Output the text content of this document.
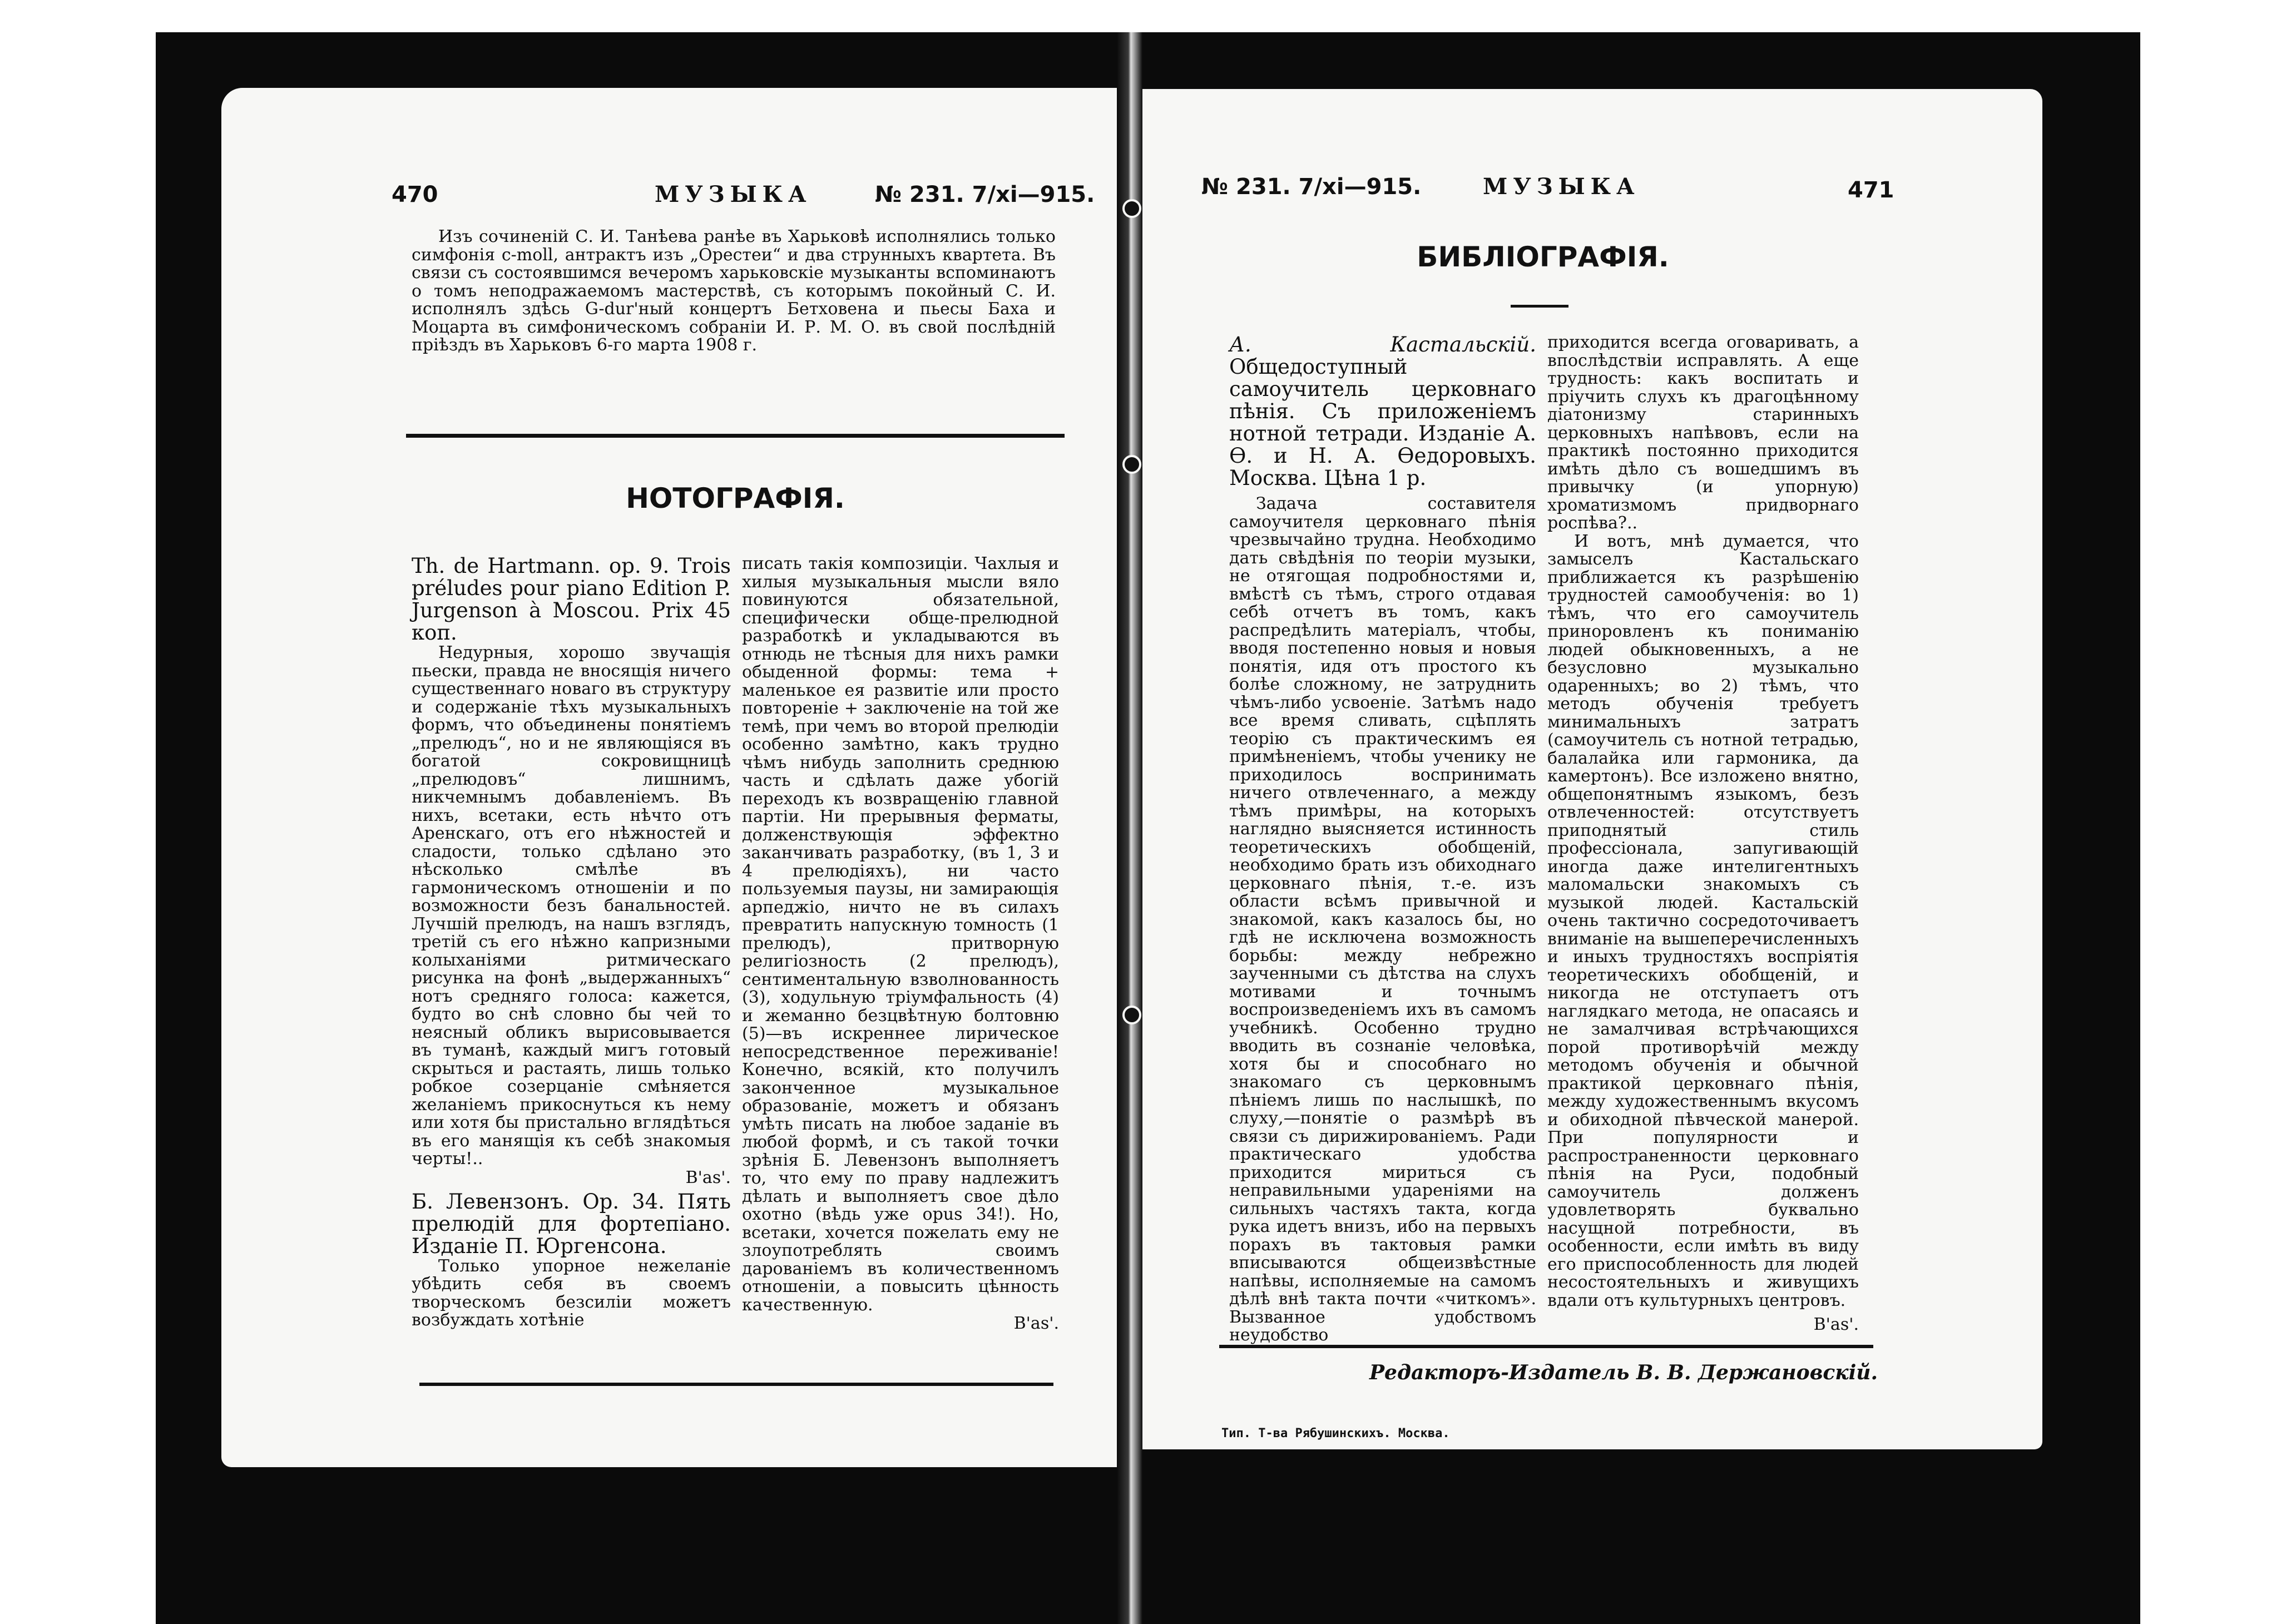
470	МУЗЫКА	№ 231. 7/xi—915.

Изъ сочиненій С. И. Танѣева ранѣе въ Харьковѣ исполнялись только симфонія c-moll, антрактъ изъ „Орестеи“ и два струнныхъ квартета. Въ связи съ состоявшимся вечеромъ харьковскіе музыканты вспоминаютъ о томъ неподражаемомъ мастерствѣ, съ которымъ покойный С. И. исполнялъ здѣсь G-dur'ный концертъ Бетховена и пьесы Баха и Моцарта въ симфоническомъ собраніи И. Р. М. О. въ свой послѣдній пріѣздъ въ Харьковъ 6-го марта 1908 г.

НОТОГРАФІЯ.

Th. de Hartmann. op. 9. Trois préludes pour piano Edition P. Jurgenson à Moscou. Prix 45 коп.

Недурныя, хорошо звучащія пьески, правда не вносящія ничего существеннаго новаго въ структуру и содержаніе тѣхъ музыкальныхъ формъ, что объединены понятіемъ „прелюдъ“, но и не являющіяся въ богатой сокровищницѣ „прелюдовъ“ лишнимъ, никчемнымъ добавленіемъ. Въ нихъ, всетаки, есть нѣчто отъ Аренскаго, отъ его нѣжностей и сладости, только сдѣлано это нѣсколько смѣлѣе въ гармоническомъ отношеніи и по возможности безъ банальностей. Лучшій прелюдъ, на нашъ взглядъ, третій съ его нѣжно капризными колыханіями ритмическаго рисунка на фонѣ „выдержанныхъ“ нотъ средняго голоса: кажется, будто во снѣ словно бы чей то неясный обликъ вырисовывается въ туманѣ, каждый мигъ готовый скрыться и растаять, лишь только робкое созерцаніе смѣняется желаніемъ прикоснуться къ нему или хотя бы пристально вглядѣться въ его манящія къ себѣ знакомыя черты!..

B'as'.

Б. Левензонъ. Ор. 34. Пять прелюдій для фортепіано. Изданіе П. Юргенсона.

Только упорное нежеланіе убѣдить себя въ своемъ творческомъ безсиліи можетъ возбуждать хотѣніе

писать такія композиціи. Чахлыя и хилыя музыкальныя мысли вяло повинуются обязательной, специфически обще-прелюдной разработкѣ и укладываются въ отнюдь не тѣсныя для нихъ рамки обыденной формы: тема + маленькое ея развитіе или просто повтореніе + заключеніе на той же темѣ, при чемъ во второй прелюдіи особенно замѣтно, какъ трудно чѣмъ нибудь заполнить среднюю часть и сдѣлать даже убогій переходъ къ возвращенію главной партіи. Ни прерывныя ферматы, долженствующія эффектно заканчивать разработку, (въ 1, 3 и 4 прелюдіяхъ), ни часто пользуемыя паузы, ни замирающія арпеджіо, ничто не въ силахъ превратить напускную томность (1 прелюдъ), притворную религіозность (2 прелюдъ), сентиментальную взволнованность (3), ходульную тріумфальность (4) и жеманно безцвѣтную болтовню (5)—въ искреннее лирическое непосредственное переживаніе! Конечно, всякій, кто получилъ законченное музыкальное образованіе, можетъ и обязанъ умѣть писать на любое заданіе въ любой формѣ, и съ такой точки зрѣнія Б. Левензонъ выполняетъ то, что ему по праву надлежитъ дѣлать и выполняетъ свое дѣло охотно (вѣдь уже opus 34!). Но, всетаки, хочется пожелать ему не злоупотреблять своимъ дарованіемъ въ количественномъ отношеніи, а повысить цѣнность качественную.

B'as'.

№ 231. 7/xi—915.	МУЗЫКА	471
БИБЛІОГРАФІЯ.

А. Кастальскій. Общедоступный самоучитель церковнаго пѣнія. Съ приложеніемъ нотной тетради. Изданіе А. Ѳ. и Н. А. Ѳедоровыхъ. Москва. Цѣна 1 р.

Задача составителя самоучителя церковнаго пѣнія чрезвычайно трудна. Необходимо дать свѣдѣнія по теоріи музыки, не отягощая подробностями и, вмѣстѣ съ тѣмъ, строго отдавая себѣ отчетъ въ томъ, какъ распредѣлить матеріалъ, чтобы, вводя постепенно новыя и новыя понятія, идя отъ простого къ болѣе сложному, не затруднить чѣмъ-либо усвоеніе. Затѣмъ надо все время сливать, сцѣплять теорію съ практическимъ ея примѣненіемъ, чтобы ученику не приходилось воспринимать ничего отвлеченнаго, а между тѣмъ примѣры, на которыхъ наглядно выясняется истинность теоретическихъ обобщеній, необходимо брать изъ обиходнаго церковнаго пѣнія, т.-е. изъ области всѣмъ привычной и знакомой, какъ казалось бы, но гдѣ не исключена возможность борьбы: между небрежно заученными съ дѣтства на слухъ мотивами и точнымъ воспроизведеніемъ ихъ въ самомъ учебникѣ. Особенно трудно вводить въ сознаніе человѣка, хотя бы и способнаго но знакомаго съ церковнымъ пѣніемъ лишь по наслышкѣ, по слуху,—понятіе о размѣрѣ въ связи съ дирижированіемъ. Ради практическаго удобства приходится мириться съ неправильными удареніями на сильныхъ частяхъ такта, когда рука идетъ внизъ, ибо на первыхъ порахъ въ тактовыя рамки вписываются общеизвѣстные напѣвы, исполняемые на самомъ дѣлѣ внѣ такта почти «читкомъ». Вызванное удобствомъ неудобство

приходится всегда оговаривать, а впослѣдствіи исправлять. А еще трудность: какъ воспитать и пріучить слухъ къ драгоцѣнному діатонизму старинныхъ церковныхъ напѣвовъ, если на практикѣ постоянно приходится имѣть дѣло съ вошедшимъ въ привычку (и упорную) хроматизмомъ придворнаго роспѣва?..

И вотъ, мнѣ думается, что замыселъ Кастальскаго приближается къ разрѣшенію трудностей самообученія: во 1) тѣмъ, что его самоучитель приноровленъ къ пониманію людей обыкновенныхъ, а не безусловно музыкально одаренныхъ; во 2) тѣмъ, что методъ обученія требуетъ минимальныхъ затратъ (самоучитель съ нотной тетрадью, балалайка или гармоника, да камертонъ). Все изложено внятно, общепонятнымъ языкомъ, безъ отвлеченностей: отсутствуетъ приподнятый стиль профессіонала, запугивающій иногда даже интелигентныхъ маломальски знакомыхъ съ музыкой людей. Кастальскій очень тактично сосредоточиваетъ вниманіе на вышеперечисленныхъ и иныхъ трудностяхъ воспріятія теоретическихъ обобщеній, и никогда не отступаетъ отъ наглядкаго метода, не опасаясь и не замалчивая встрѣчающихся порой противорѣчій между методомъ обученія и обычной практикой церковнаго пѣнія, между художественнымъ вкусомъ и обиходной пѣвческой манерой. При популярности и распространенности церковнаго пѣнія на Руси, подобный самоучитель долженъ удовлетворять буквально насущной потребности, въ особенности, если имѣть въ виду его приспособленность для людей несостоятельныхъ и живущихъ вдали отъ культурныхъ центровъ.

B'as'.

Редакторъ-Издатель В. В. Держановскій.
Тип. Т-ва Рябушинскихъ. Москва.
